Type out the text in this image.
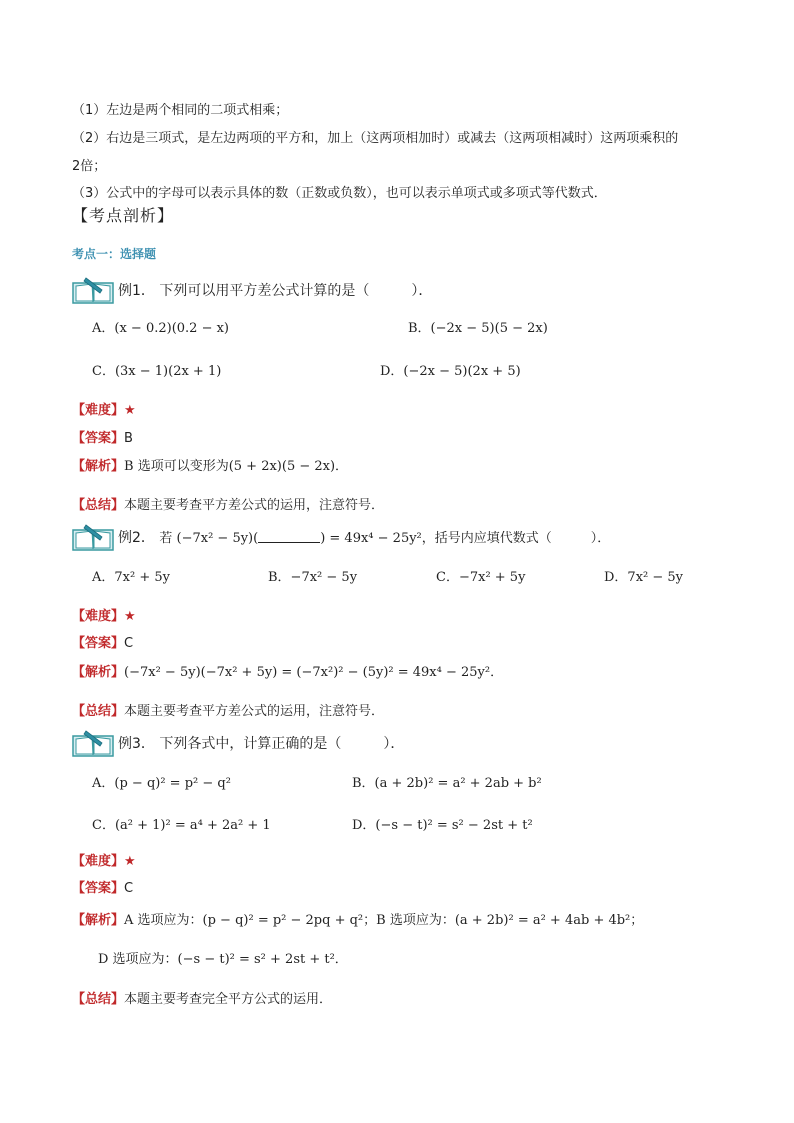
（1）左边是两个相同的二项式相乘；
（2）右边是三项式，是左边两项的平方和，加上（这两项相加时）或减去（这两项相减时）这两项乘积的
2倍；
（3）公式中的字母可以表示具体的数（正数或负数），也可以表示单项式或多项式等代数式．
【考点剖析】
考点一：选择题
例1． 下列可以用平方差公式计算的是（　　　）．
A．(x − 0.2)(0.2 − x)	B．(−2x − 5)(5 − 2x)
C．(3x − 1)(2x + 1)	D．(−2x − 5)(2x + 5)
【难度】★
【答案】B
【解析】B 选项可以变形为(5 + 2x)(5 − 2x)．
【总结】本题主要考查平方差公式的运用，注意符号．
例2． 若 (−7x² − 5y)(	) = 49x⁴ − 25y²，括号内应填代数式（　　　）．
A．7x² + 5y	B．−7x² − 5y	C．−7x² + 5y	D．7x² − 5y
【难度】★
【答案】C
【解析】(−7x² − 5y)(−7x² + 5y) = (−7x²)² − (5y)² = 49x⁴ − 25y²．
【总结】本题主要考查平方差公式的运用，注意符号．
例3． 下列各式中，计算正确的是（　　　）．
A．(p − q)² = p² − q²	B．(a + 2b)² = a² + 2ab + b²
C．(a² + 1)² = a⁴ + 2a² + 1	D．(−s − t)² = s² − 2st + t²
【难度】★
【答案】C
【解析】A 选项应为：(p − q)² = p² − 2pq + q²；B 选项应为：(a + 2b)² = a² + 4ab + 4b²；
D 选项应为：(−s − t)² = s² + 2st + t²．
【总结】本题主要考查完全平方公式的运用．
